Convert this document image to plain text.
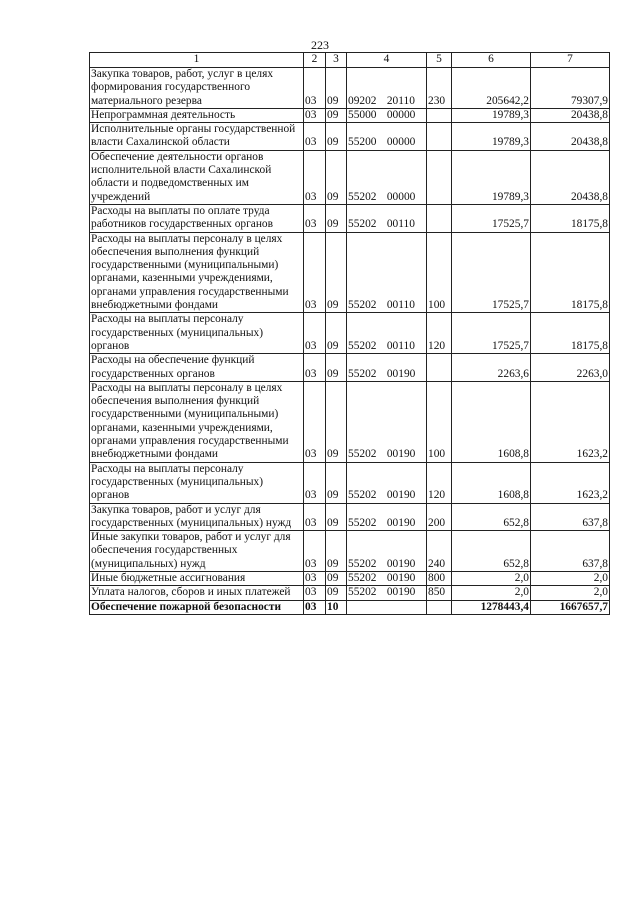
223
1	2	3	4	5	6	7
Закупка товаров, работ, услуг в целях формирования государственного материального резерва	03	09	09202 20110	230	205642,2	79307,9
Непрограммная деятельность	03	09	55000 00000		19789,3	20438,8
Исполнительные органы государственной власти Сахалинской области	03	09	55200 00000		19789,3	20438,8
Обеспечение деятельности органов исполнительной власти Сахалинской области и подведомственных им учреждений	03	09	55202 00000		19789,3	20438,8
Расходы на выплаты по оплате труда работников государственных органов	03	09	55202 00110		17525,7	18175,8
Расходы на выплаты персоналу в целях обеспечения выполнения функций государственными (муниципальными) органами, казенными учреждениями, органами управления государственными внебюджетными фондами	03	09	55202 00110	100	17525,7	18175,8
Расходы на выплаты персоналу государственных (муниципальных) органов	03	09	55202 00110	120	17525,7	18175,8
Расходы на обеспечение функций государственных органов	03	09	55202 00190		2263,6	2263,0
Расходы на выплаты персоналу в целях обеспечения выполнения функций государственными (муниципальными) органами, казенными учреждениями, органами управления государственными внебюджетными фондами	03	09	55202 00190	100	1608,8	1623,2
Расходы на выплаты персоналу государственных (муниципальных) органов	03	09	55202 00190	120	1608,8	1623,2
Закупка товаров, работ и услуг для государственных (муниципальных) нужд	03	09	55202 00190	200	652,8	637,8
Иные закупки товаров, работ и услуг для обеспечения государственных (муниципальных) нужд	03	09	55202 00190	240	652,8	637,8
Иные бюджетные ассигнования	03	09	55202 00190	800	2,0	2,0
Уплата налогов, сборов и иных платежей	03	09	55202 00190	850	2,0	2,0
Обеспечение пожарной безопасности	03	10			1278443,4	1667657,7
